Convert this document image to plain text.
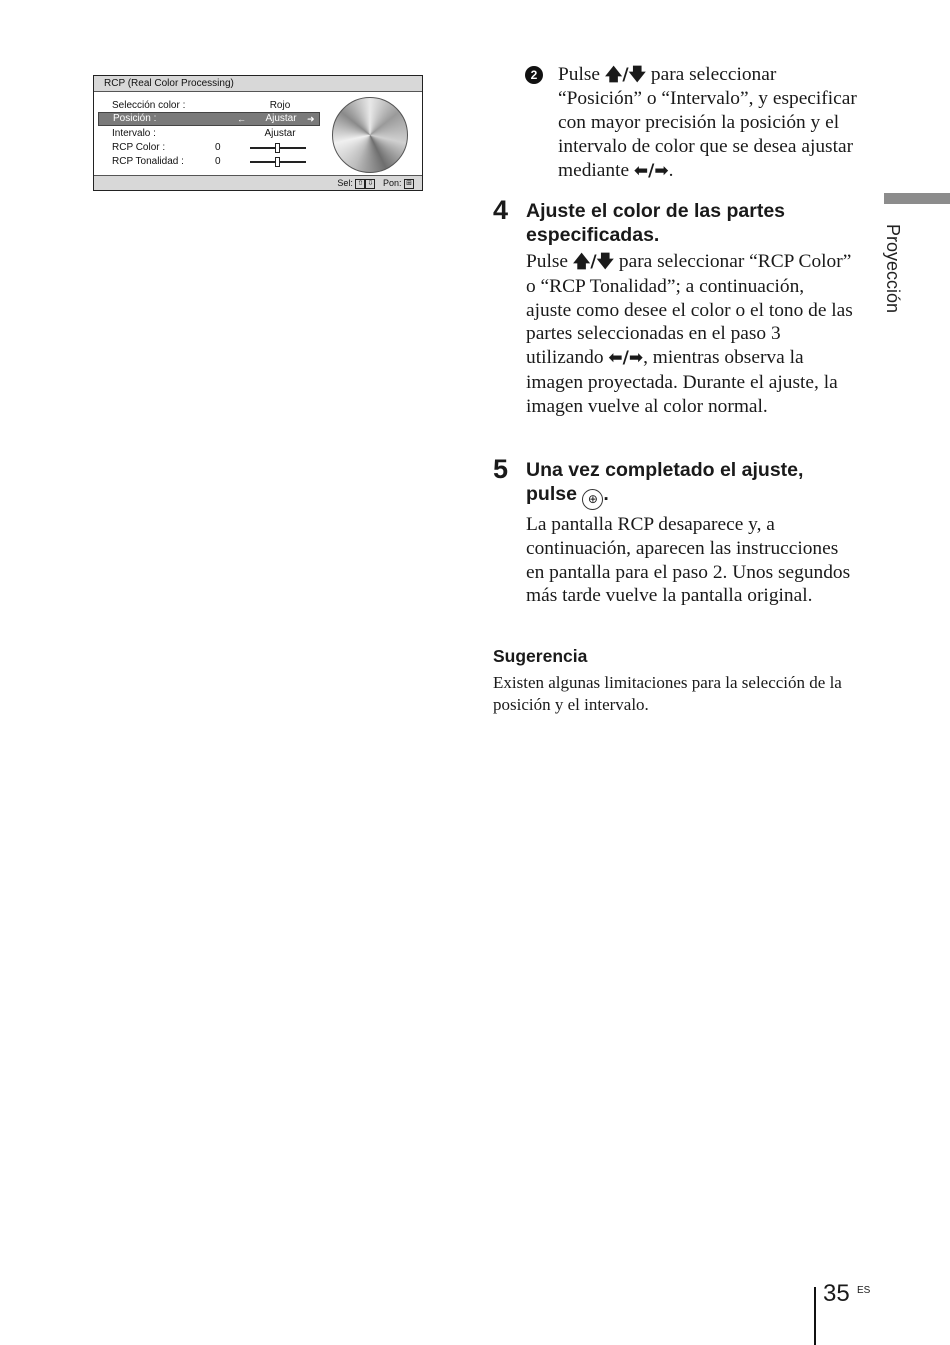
RCP (Real Color Processing)
Selección color :	Rojo
Posición :	←	Ajustar	➜
Intervalo :	Ajustar
RCP Color :	0
RCP Tonalidad :	0
Sel: ⇧ ⇩ Pon: ⊞
2 Pulse 🡅/🡇 para seleccionar “Posición” o “Intervalo”, y especificar con mayor precisión la posición y el intervalo de color que se desea ajustar mediante ⬅/➡.
4 Ajuste el color de las partes especificadas.
Pulse 🡅/🡇 para seleccionar “RCP Color” o “RCP Tonalidad”; a continuación, ajuste como desee el color o el tono de las partes seleccionadas en el paso 3 utilizando ⬅/➡, mientras observa la imagen proyectada. Durante el ajuste, la imagen vuelve al color normal.
5 Una vez completado el ajuste, pulse ⊕ .
La pantalla RCP desaparece y, a continuación, aparecen las instrucciones en pantalla para el paso 2. Unos segundos más tarde vuelve la pantalla original.
Sugerencia
Existen algunas limitaciones para la selección de la posición y el intervalo.
Proyección
35 ES
